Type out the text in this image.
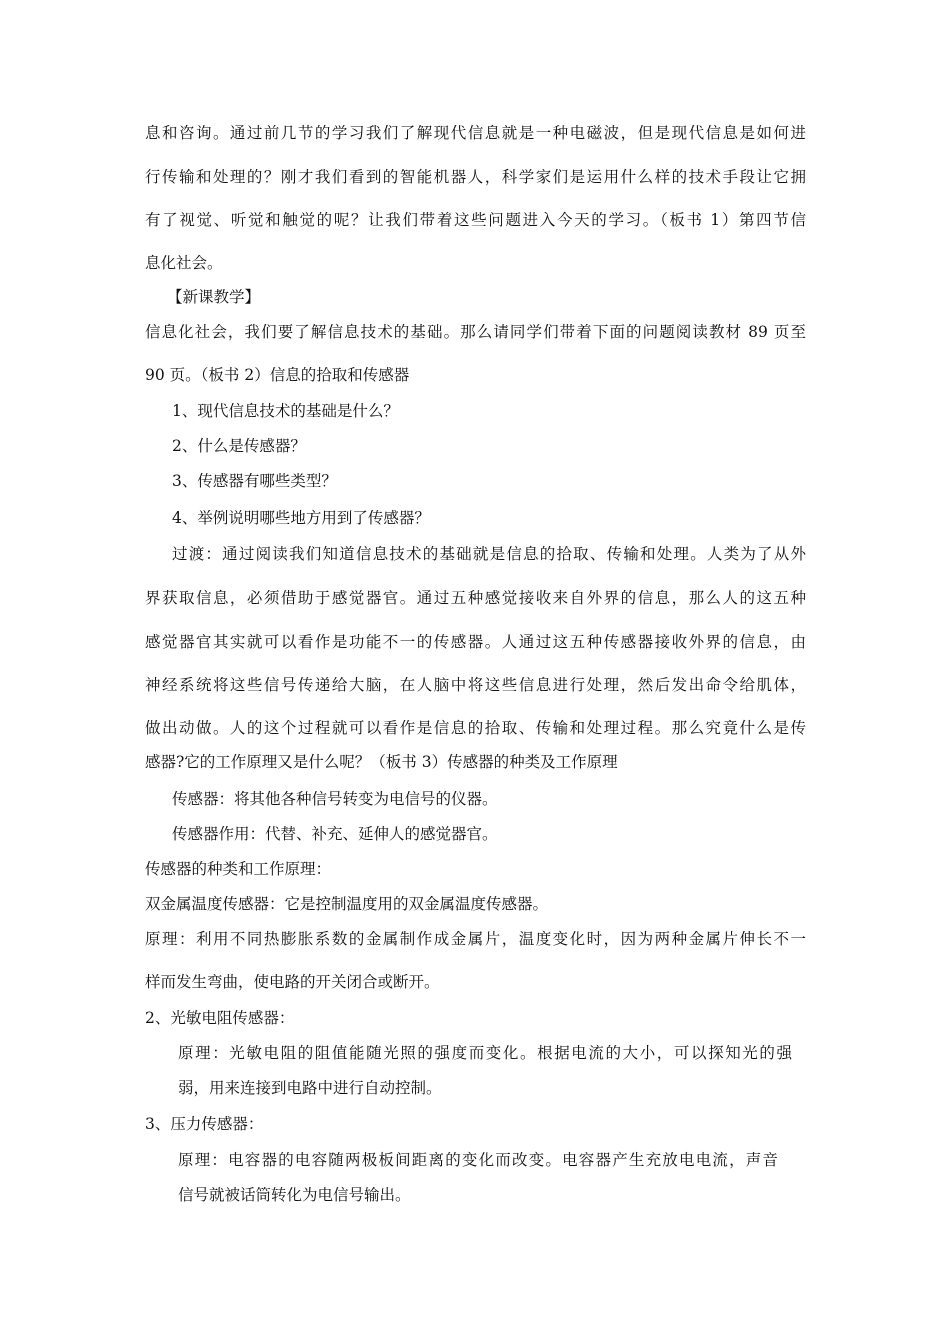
息和咨询。通过前几节的学习我们了解现代信息就是一种电磁波，但是现代信息是如何进
行传输和处理的？刚才我们看到的智能机器人，科学家们是运用什么样的技术手段让它拥
有了视觉、听觉和触觉的呢？让我们带着这些问题进入今天的学习。（板书 1）第四节信
息化社会。
【新课教学】
信息化社会，我们要了解信息技术的基础。那么请同学们带着下面的问题阅读教材 89 页至
90 页。（板书 2）信息的拾取和传感器
1、现代信息技术的基础是什么？
2、什么是传感器？
3、传感器有哪些类型？
4、举例说明哪些地方用到了传感器？
过渡：通过阅读我们知道信息技术的基础就是信息的拾取、传输和处理。人类为了从外
界获取信息，必须借助于感觉器官。通过五种感觉接收来自外界的信息，那么人的这五种
感觉器官其实就可以看作是功能不一的传感器。人通过这五种传感器接收外界的信息，由
神经系统将这些信号传递给大脑，在人脑中将这些信息进行处理，然后发出命令给肌体，
做出动做。人的这个过程就可以看作是信息的拾取、传输和处理过程。那么究竟什么是传
感器?它的工作原理又是什么呢？（板书 3）传感器的种类及工作原理
传感器：将其他各种信号转变为电信号的仪器。
传感器作用：代替、补充、延伸人的感觉器官。
传感器的种类和工作原理：
双金属温度传感器：它是控制温度用的双金属温度传感器。
原理：利用不同热膨胀系数的金属制作成金属片，温度变化时，因为两种金属片伸长不一
样而发生弯曲，使电路的开关闭合或断开。
2、光敏电阻传感器：
原理：光敏电阻的阻值能随光照的强度而变化。根据电流的大小，可以探知光的强
弱，用来连接到电路中进行自动控制。
3、压力传感器：
原理：电容器的电容随两极板间距离的变化而改变。电容器产生充放电电流，声音
信号就被话筒转化为电信号输出。
